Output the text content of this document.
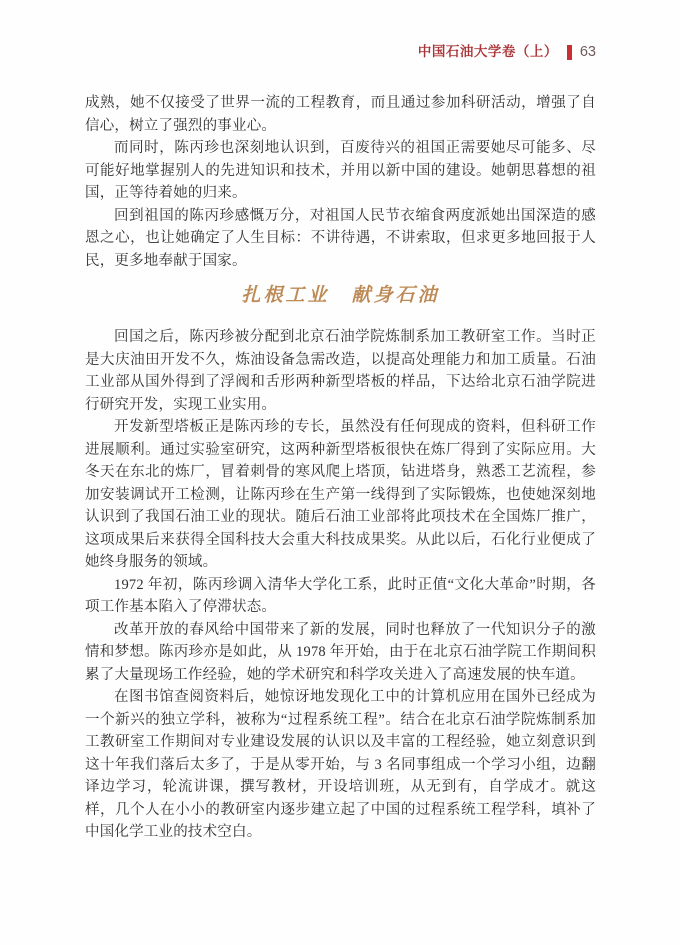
中国石油大学卷（上） 63

成熟，她不仅接受了世界一流的工程教育，而且通过参加科研活动，增强了自信心，树立了强烈的事业心。

而同时，陈丙珍也深刻地认识到，百废待兴的祖国正需要她尽可能多、尽可能好地掌握别人的先进知识和技术，并用以新中国的建设。她朝思暮想的祖国，正等待着她的归来。

回到祖国的陈丙珍感慨万分，对祖国人民节衣缩食两度派她出国深造的感恩之心，也让她确定了人生目标：不讲待遇，不讲索取，但求更多地回报于人民，更多地奉献于国家。

扎根工业　献身石油

回国之后，陈丙珍被分配到北京石油学院炼制系加工教研室工作。当时正是大庆油田开发不久，炼油设备急需改造，以提高处理能力和加工质量。石油工业部从国外得到了浮阀和舌形两种新型塔板的样品，下达给北京石油学院进行研究开发，实现工业实用。

开发新型塔板正是陈丙珍的专长，虽然没有任何现成的资料，但科研工作进展顺利。通过实验室研究，这两种新型塔板很快在炼厂得到了实际应用。大冬天在东北的炼厂，冒着刺骨的寒风爬上塔顶，钻进塔身，熟悉工艺流程，参加安装调试开工检测，让陈丙珍在生产第一线得到了实际锻炼，也使她深刻地认识到了我国石油工业的现状。随后石油工业部将此项技术在全国炼厂推广，这项成果后来获得全国科技大会重大科技成果奖。从此以后，石化行业便成了她终身服务的领域。

1972 年初，陈丙珍调入清华大学化工系，此时正值“文化大革命”时期，各项工作基本陷入了停滞状态。

改革开放的春风给中国带来了新的发展，同时也释放了一代知识分子的激情和梦想。陈丙珍亦是如此，从 1978 年开始，由于在北京石油学院工作期间积累了大量现场工作经验，她的学术研究和科学攻关进入了高速发展的快车道。

在图书馆查阅资料后，她惊讶地发现化工中的计算机应用在国外已经成为一个新兴的独立学科，被称为“过程系统工程”。结合在北京石油学院炼制系加工教研室工作期间对专业建设发展的认识以及丰富的工程经验，她立刻意识到这十年我们落后太多了，于是从零开始，与 3 名同事组成一个学习小组，边翻译边学习，轮流讲课，撰写教材，开设培训班，从无到有，自学成才。就这样，几个人在小小的教研室内逐步建立起了中国的过程系统工程学科，填补了中国化学工业的技术空白。
